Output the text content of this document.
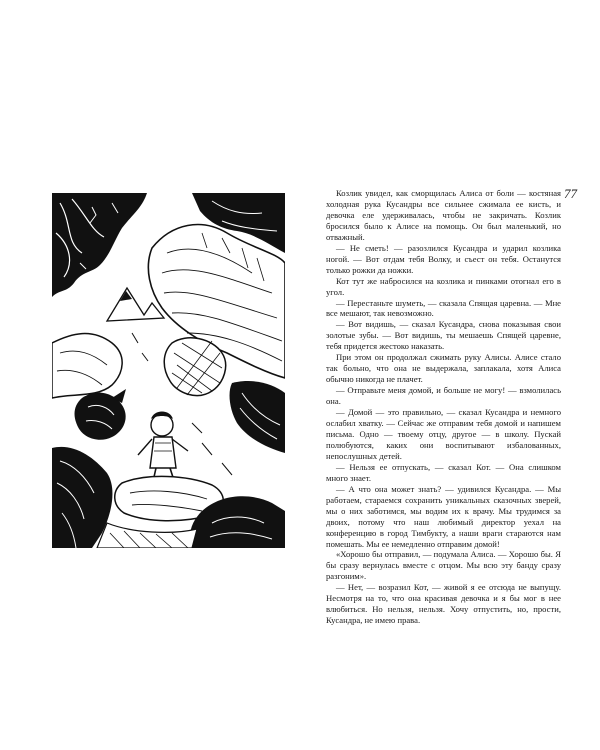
77

Козлик увидел, как сморщилась Алиса от боли — костяная холодная рука Кусандры все сильнее сжимала ее кисть, и девочка еле удерживалась, чтобы не закричать. Козлик бросился было к Алисе на помощь. Он был маленький, но отважный.

— Не сметь! — разозлился Кусандра и ударил козлика ногой. — Вот отдам тебя Волку, и съест он тебя. Останутся только рожки да ножки.

Кот тут же набросился на козлика и пинками отогнал его в угол.

— Перестаньте шуметь, — сказала Спящая царевна. — Мне все мешают, так невозможно.

— Вот видишь, — сказал Кусандра, снова показывая свои золотые зубы. — Вот видишь, ты мешаешь Спящей царевне, тебя придется жестоко наказать.

При этом он продолжал сжимать руку Алисы. Алисе стало так больно, что она не выдержала, заплакала, хотя Алиса обычно никогда не плачет.

— Отправьте меня домой, и больше не могу! — взмолилась она.

— Домой — это правильно, — сказал Кусандра и немного ослабил хватку. — Сейчас же отправим тебя домой и напишем письма. Одно — твоему отцу, другое — в школу. Пускай полюбуются, каких они воспитывают избалованных, непослушных детей.

— Нельзя ее отпускать, — сказал Кот. — Она слишком много знает.

— А что она может знать? — удивился Кусандра. — Мы работаем, стараемся сохранить уникальных сказочных зверей, мы о них заботимся, мы водим их к врачу. Мы трудимся за двоих, потому что наш любимый директор уехал на конференцию в город Тимбукту, а наши враги стараются нам помешать. Мы ее немедленно отправим домой!

«Хорошо бы отправил, — подумала Алиса. — Хорошо бы. Я бы сразу вернулась вместе с отцом. Мы всю эту банду сразу разгоним».

— Нет, — возразил Кот, — живой я ее отсюда не выпущу. Несмотря на то, что она красивая девочка и я бы мог в нее влюбиться. Но нельзя, нельзя. Хочу отпустить, но, прости, Кусандра, не имею права.
